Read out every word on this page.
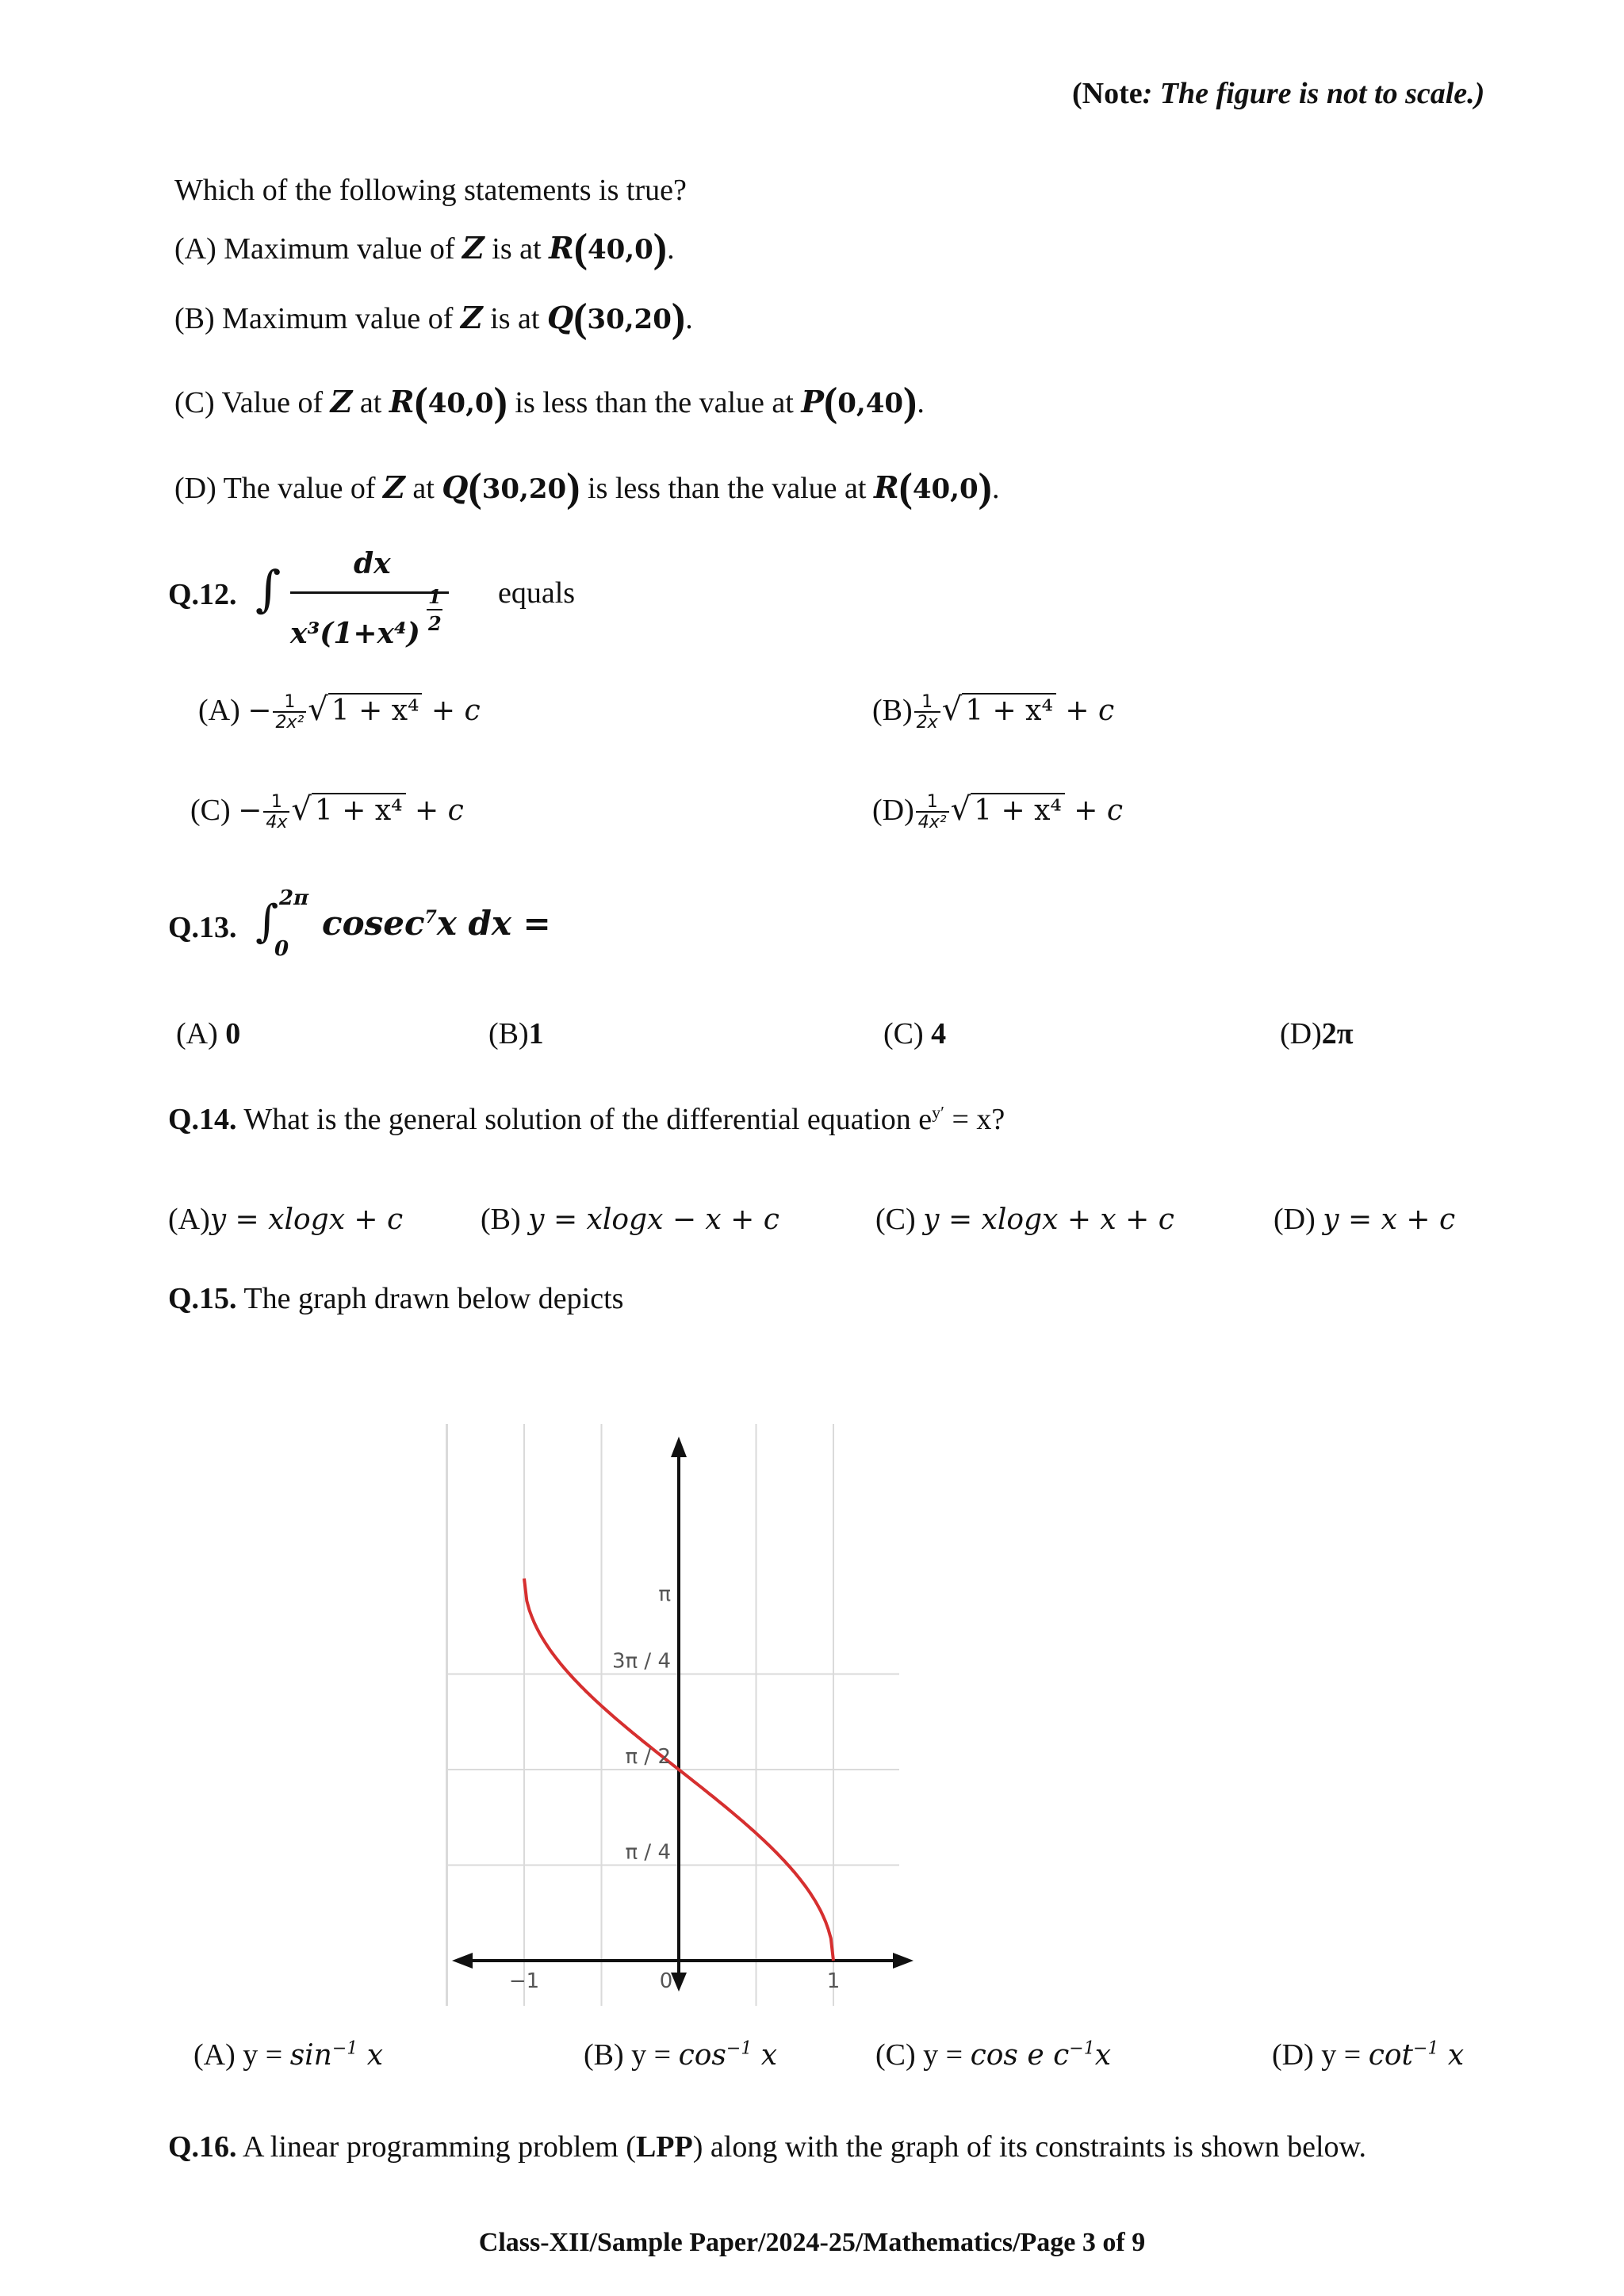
(Note: The figure is not to scale.)
Which of the following statements is true?
(A) Maximum value of Z is at R(40,0).
(B) Maximum value of Z is at Q(30,20).
(C) Value of Z at R(40,0) is less than the value at P(0,40).
(D) The value of Z at Q(30,20) is less than the value at R(40,0).
Q.12. ∫	dx
x³(1+x⁴)
1
2
equals
$(A) - \frac{1}{\text{2x²}}$ √ 1 + x⁴ + c	$(B) \frac{1}{2x}$ √ 1 + x⁴ + c
$(C) - \frac{1}{4x}$ √ 1 + x⁴ + c	$(D) \frac{1}{\text{4x²}}$ √ 1 + x⁴ + c
Q.13. ∫ 2π
0
cosec$^7$x dx =
(A) 0	(B)1	(C) 4	(D)2π
Q.14. What is the general solution of the differential equation $e^{y'} = x$?
(A)y = xlogx + c	(B) y = xlogx − x + c	(C) y = xlogx + x + c	(D) y = x + c
Q.15. The graph drawn below depicts
−1	1
0
π
3π / 4
π / 2
π / 4
(A) $y = \sin^{-1} x$	(B) $y = \cos^{-1} x$	(C) y = cos e $c^{-1}x$	(D) $y = \cot^{-1} x$
Q.16. A linear programming problem (LPP) along with the graph of its constraints is shown below.
Class-XII/Sample Paper/2024-25/Mathematics/Page 3 of 9
